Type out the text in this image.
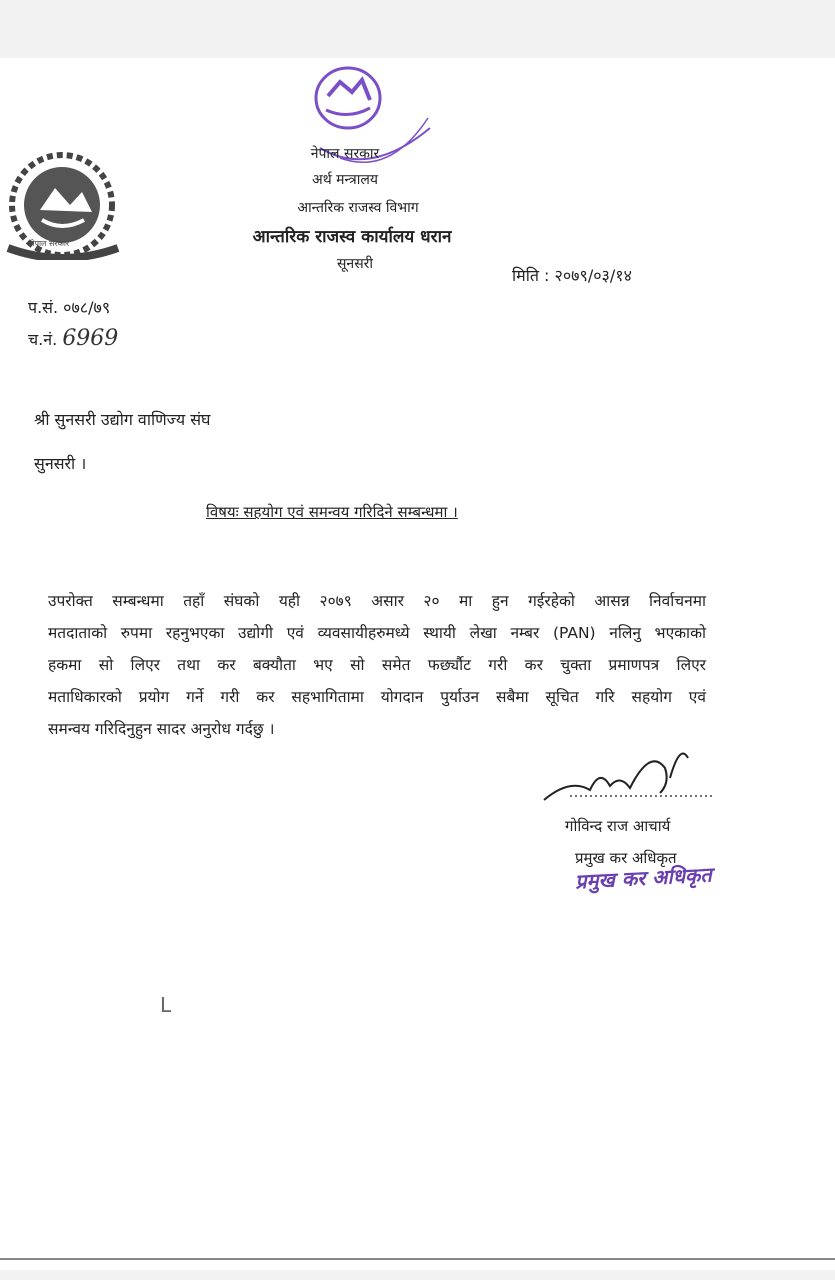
नेपाल सरकार
नेपाल सरकार
अर्थ मन्त्रालय
आन्तरिक राजस्व विभाग
आन्तरिक राजस्व कार्यालय धरान
सूनसरी
मिति : २०७९/०३/१४
प.सं. ०७८/७९
च.नं. 6969
श्री सुनसरी उद्योग वाणिज्य संघ
सुनसरी ।
विषयः सहयोग एवं समन्वय गरिदिने सम्बन्धमा ।
उपरोक्त सम्बन्धमा तहाँ संघको यही २०७९ असार २० मा हुन गईरहेको आसन्न निर्वाचनमा
मतदाताको रुपमा रहनुभएका उद्योगी एवं व्यवसायीहरुमध्ये स्थायी लेखा नम्बर (PAN) नलिनु भएकाको
हकमा सो लिएर तथा कर बक्यौता भए सो समेत फर्छ्यौट गरी कर चुक्ता प्रमाणपत्र लिएर
मताधिकारको प्रयोग गर्ने गरी कर सहभागितामा योगदान पुर्याउन सबैमा सूचित गरि सहयोग एवं
समन्वय गरिदिनुहुन सादर अनुरोध गर्दछु ।
गोविन्द राज आचार्य
प्रमुख कर अधिकृत
प्रमुख कर अधिकृत
L
